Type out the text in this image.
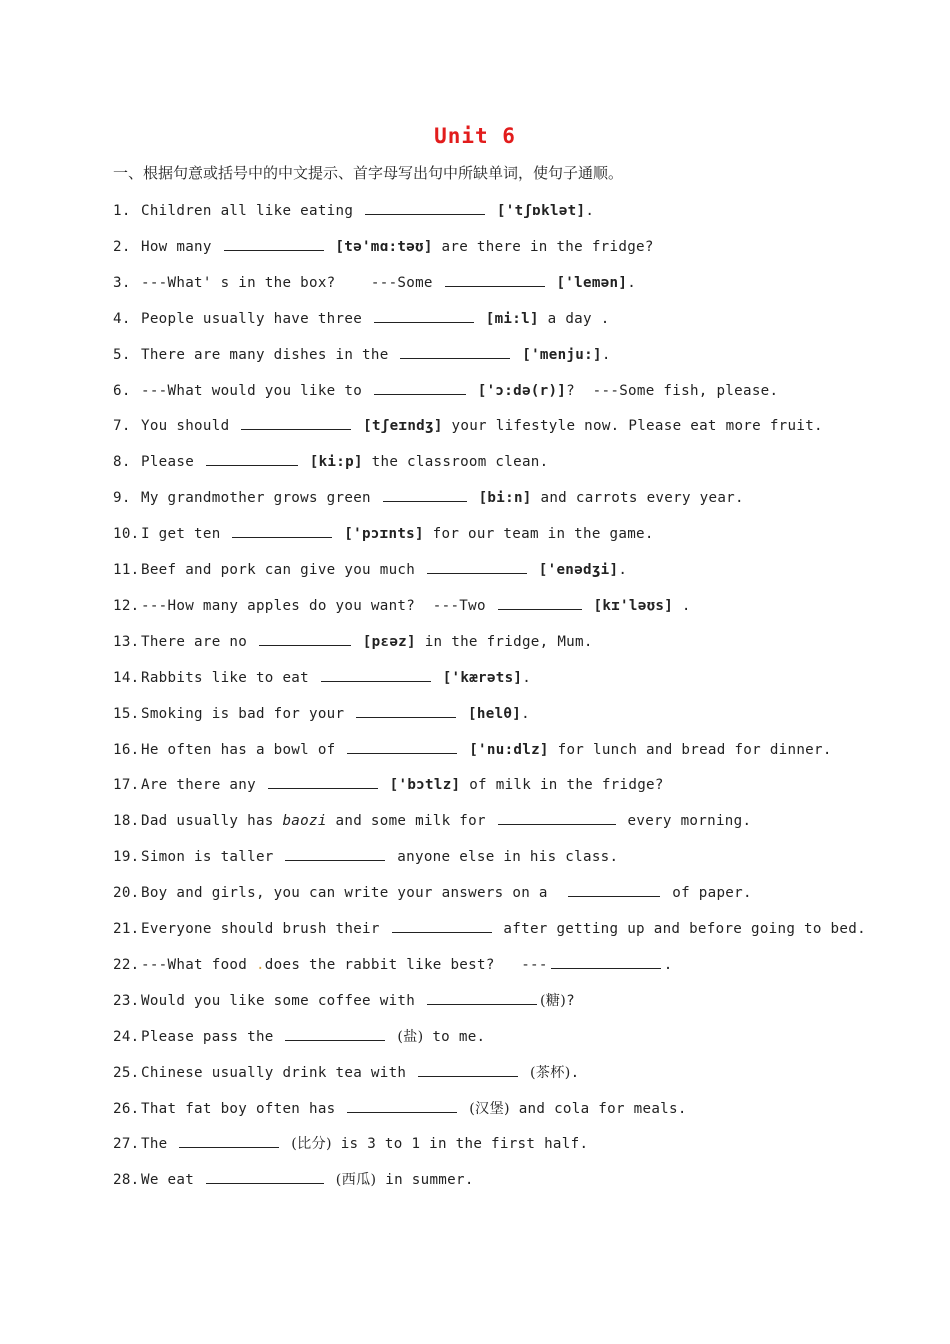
Unit 6
一、根据句意或括号中的中文提示、首字母写出句中所缺单词，使句子通顺。
1. Children all like eating	['tʃɒklət].
2. How many	[tə'mɑ:təʊ] are there in the fridge?
3. ---What' s in the box?    ---Some	['lemən].
4. People usually have three	[mi:l] a day .
5. There are many dishes in the	['menju:].
6. ---What would you like to	['ɔ:də(r)]?  ---Some fish, please.
7. You should	[tʃeɪndʒ] your lifestyle now. Please eat more fruit.
8. Please	[ki:p] the classroom clean.
9. My grandmother grows green	[bi:n] and carrots every year.
10.I get ten	['pɔɪnts] for our team in the game.
11.Beef and pork can give you much	['enədʒi].
12.---How many apples do you want?  ---Two	[kɪ'ləʊs] .
13.There are no	[pɛəz] in the fridge, Mum.
14.Rabbits like to eat	['kærəts].
15.Smoking is bad for your	[helθ].
16.He often has a bowl of	['nu:dlz] for lunch and bread for dinner.
17.Are there any	['bɔtlz] of milk in the fridge?
18.Dad usually has baozi and some milk for	every morning.
19.Simon is taller	anyone else in his class.
20.Boy and girls, you can write your answers on a	of paper.
21.Everyone should brush their	after getting up and before going to bed.
22.---What food .does the rabbit like best?   ---	.
23.Would you like some coffee with	(糖)?
24.Please pass the	(盐) to me.
25.Chinese usually drink tea with	(茶杯).
26.That fat boy often has	(汉堡) and cola for meals.
27.The	(比分) is 3 to 1 in the first half.
28.We eat	(西瓜) in summer.
